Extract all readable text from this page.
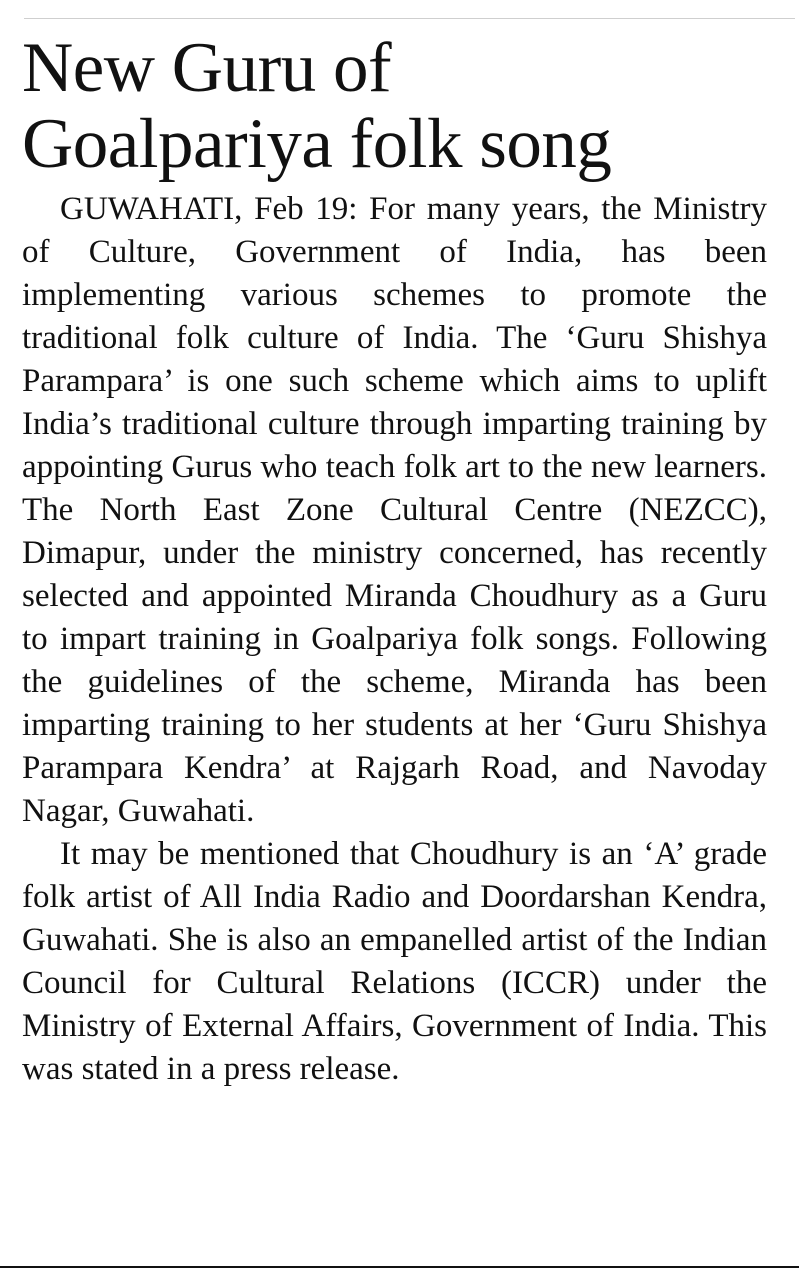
New Guru of
Goalpariya folk song

GUWAHATI, Feb 19: For many years, the Ministry of Culture, Government of India, has been implementing various schemes to promote the traditional folk culture of India. The ‘Guru Shishya Parampara’ is one such scheme which aims to uplift India’s traditional culture through imparting training by appointing Gurus who teach folk art to the new learners. The North East Zone Cultural Centre (NEZCC), Dimapur, under the ministry concerned, has recently selected and appointed Miranda Choudhury as a Guru to impart training in Goalpariya folk songs. Following the guidelines of the scheme, Miranda has been imparting training to her students at her ‘Guru Shishya Parampara Kendra’ at Rajgarh Road, and Navoday Nagar, Guwahati.

It may be mentioned that Choudhury is an ‘A’ grade folk artist of All India Radio and Doordarshan Kendra, Guwahati. She is also an empanelled artist of the Indian Council for Cultural Relations (ICCR) under the Ministry of External Affairs, Government of India. This was stated in a press release.
